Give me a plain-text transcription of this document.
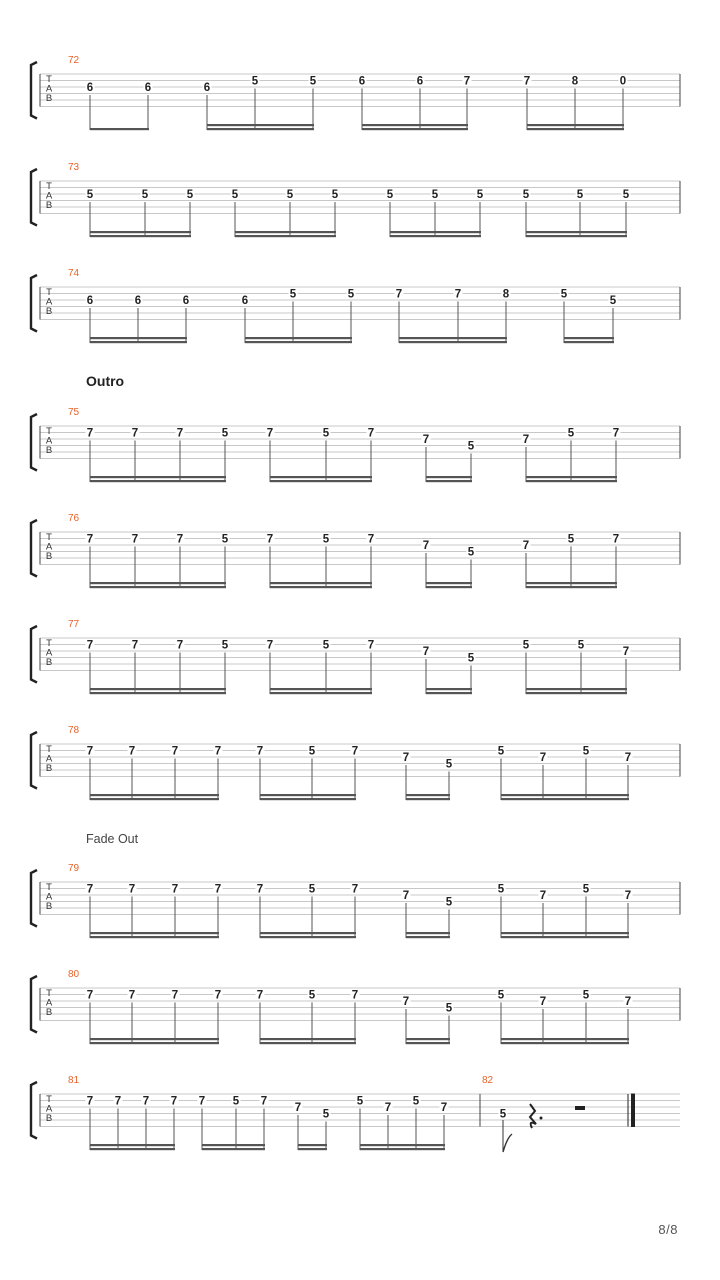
T
A
B
72
6	6	6
5	5	6	6	7	7	8	0
T
A
B
73
5	5	5	5	5	5	5	5	5	5	5	5
T
A
B
74
6	6	6	6
5	5	7	7	8	5
5
T
A
B
75
7	7	7	5	7	5	7
7
5
7
5	7
T
A
B
76
7	7	7	5	7	5	7
7
5
7
5	7
T
A
B
77
7	7	7	5	7	5	7
7
5
5	5
7
T
A
B
78
7	7	7	7	7	5	7
7
5
5
7
5
7
T
A
B
79
7	7	7	7	7	5	7
7
5
5
7
5
7
T
A
B
80
7	7	7	7	7	5	7
7
5
5
7
5
7
T
A
B
81
7 7 7 7 7 5 7
7
5
5
7
5
7
82
5
Outro
Fade Out
8/8
